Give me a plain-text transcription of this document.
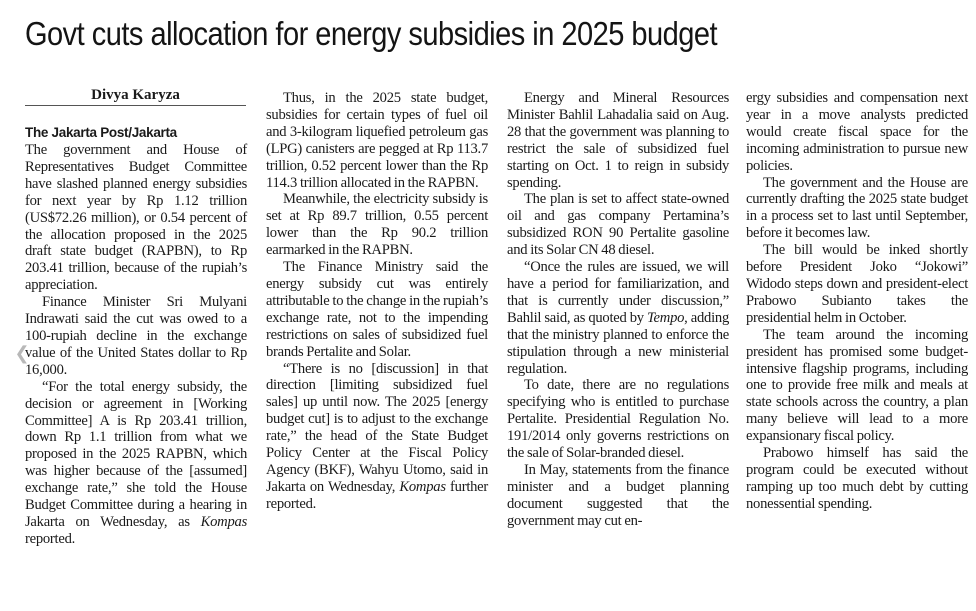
Govt cuts allocation for energy subsidies in 2025 budget
Divya Karyza
The Jakarta Post/Jakarta

The government and House of Representatives Budget Committee have slashed planned energy subsidies for next year by Rp 1.12 trillion (US$72.26 million), or 0.54 percent of the allocation proposed in the 2025 draft state budget (RAPBN), to Rp 203.41 trillion, because of the rupiah’s appreciation.

Finance Minister Sri Mulyani Indrawati said the cut was owed to a 100-rupiah decline in the exchange value of the United States dollar to Rp 16,000.

“For the total energy subsidy, the decision or agreement in [Working Committee] A is Rp 203.41 trillion, down Rp 1.1 trillion from what we proposed in the 2025 RAPBN, which was higher because of the [assumed] exchange rate,” she told the House Budget Committee during a hearing in Jakarta on Wednesday, as Kompas reported.

Thus, in the 2025 state budget, subsidies for certain types of fuel oil and 3-kilogram liquefied petroleum gas (LPG) canisters are pegged at Rp 113.7 trillion, 0.52 percent lower than the Rp 114.3 trillion allocated in the RAPBN.

Meanwhile, the electricity subsidy is set at Rp 89.7 trillion, 0.55 percent lower than the Rp 90.2 trillion earmarked in the RAPBN.

The Finance Ministry said the energy subsidy cut was entirely attributable to the change in the rupiah’s exchange rate, not to the impending restrictions on sales of subsidized fuel brands Pertalite and Solar.

“There is no [discussion] in that direction [limiting subsidized fuel sales] up until now. The 2025 [energy budget cut] is to adjust to the exchange rate,” the head of the State Budget Policy Center at the Fiscal Policy Agency (BKF), Wahyu Utomo, said in Jakarta on Wednesday, Kompas further reported.

Energy and Mineral Resources Minister Bahlil Lahadalia said on Aug. 28 that the government was planning to restrict the sale of subsidized fuel starting on Oct. 1 to reign in subsidy spending.

The plan is set to affect state-owned oil and gas company Pertamina’s subsidized RON 90 Pertalite gasoline and its Solar CN 48 diesel.

“Once the rules are issued, we will have a period for familiarization, and that is currently under discussion,” Bahlil said, as quoted by Tempo, adding that the ministry planned to enforce the stipulation through a new ministerial regulation.

To date, there are no regulations specifying who is entitled to purchase Pertalite. Presidential Regulation No. 191/2014 only governs restrictions on the sale of Solar-branded diesel.

In May, statements from the finance minister and a budget planning document suggested that the government may cut en-

ergy subsidies and compensation next year in a move analysts predicted would create fiscal space for the incoming administration to pursue new policies.

The government and the House are currently drafting the 2025 state budget in a process set to last until September, before it becomes law.

The bill would be inked shortly before President Joko “Jokowi” Widodo steps down and president-elect Prabowo Subianto takes the presidential helm in October.

The team around the incoming president has promised some budget-intensive flagship programs, including one to provide free milk and meals at state schools across the country, a plan many believe will lead to a more expansionary fiscal policy.

Prabowo himself has said the program could be executed without ramping up too much debt by cutting nonessential spending.

❮
